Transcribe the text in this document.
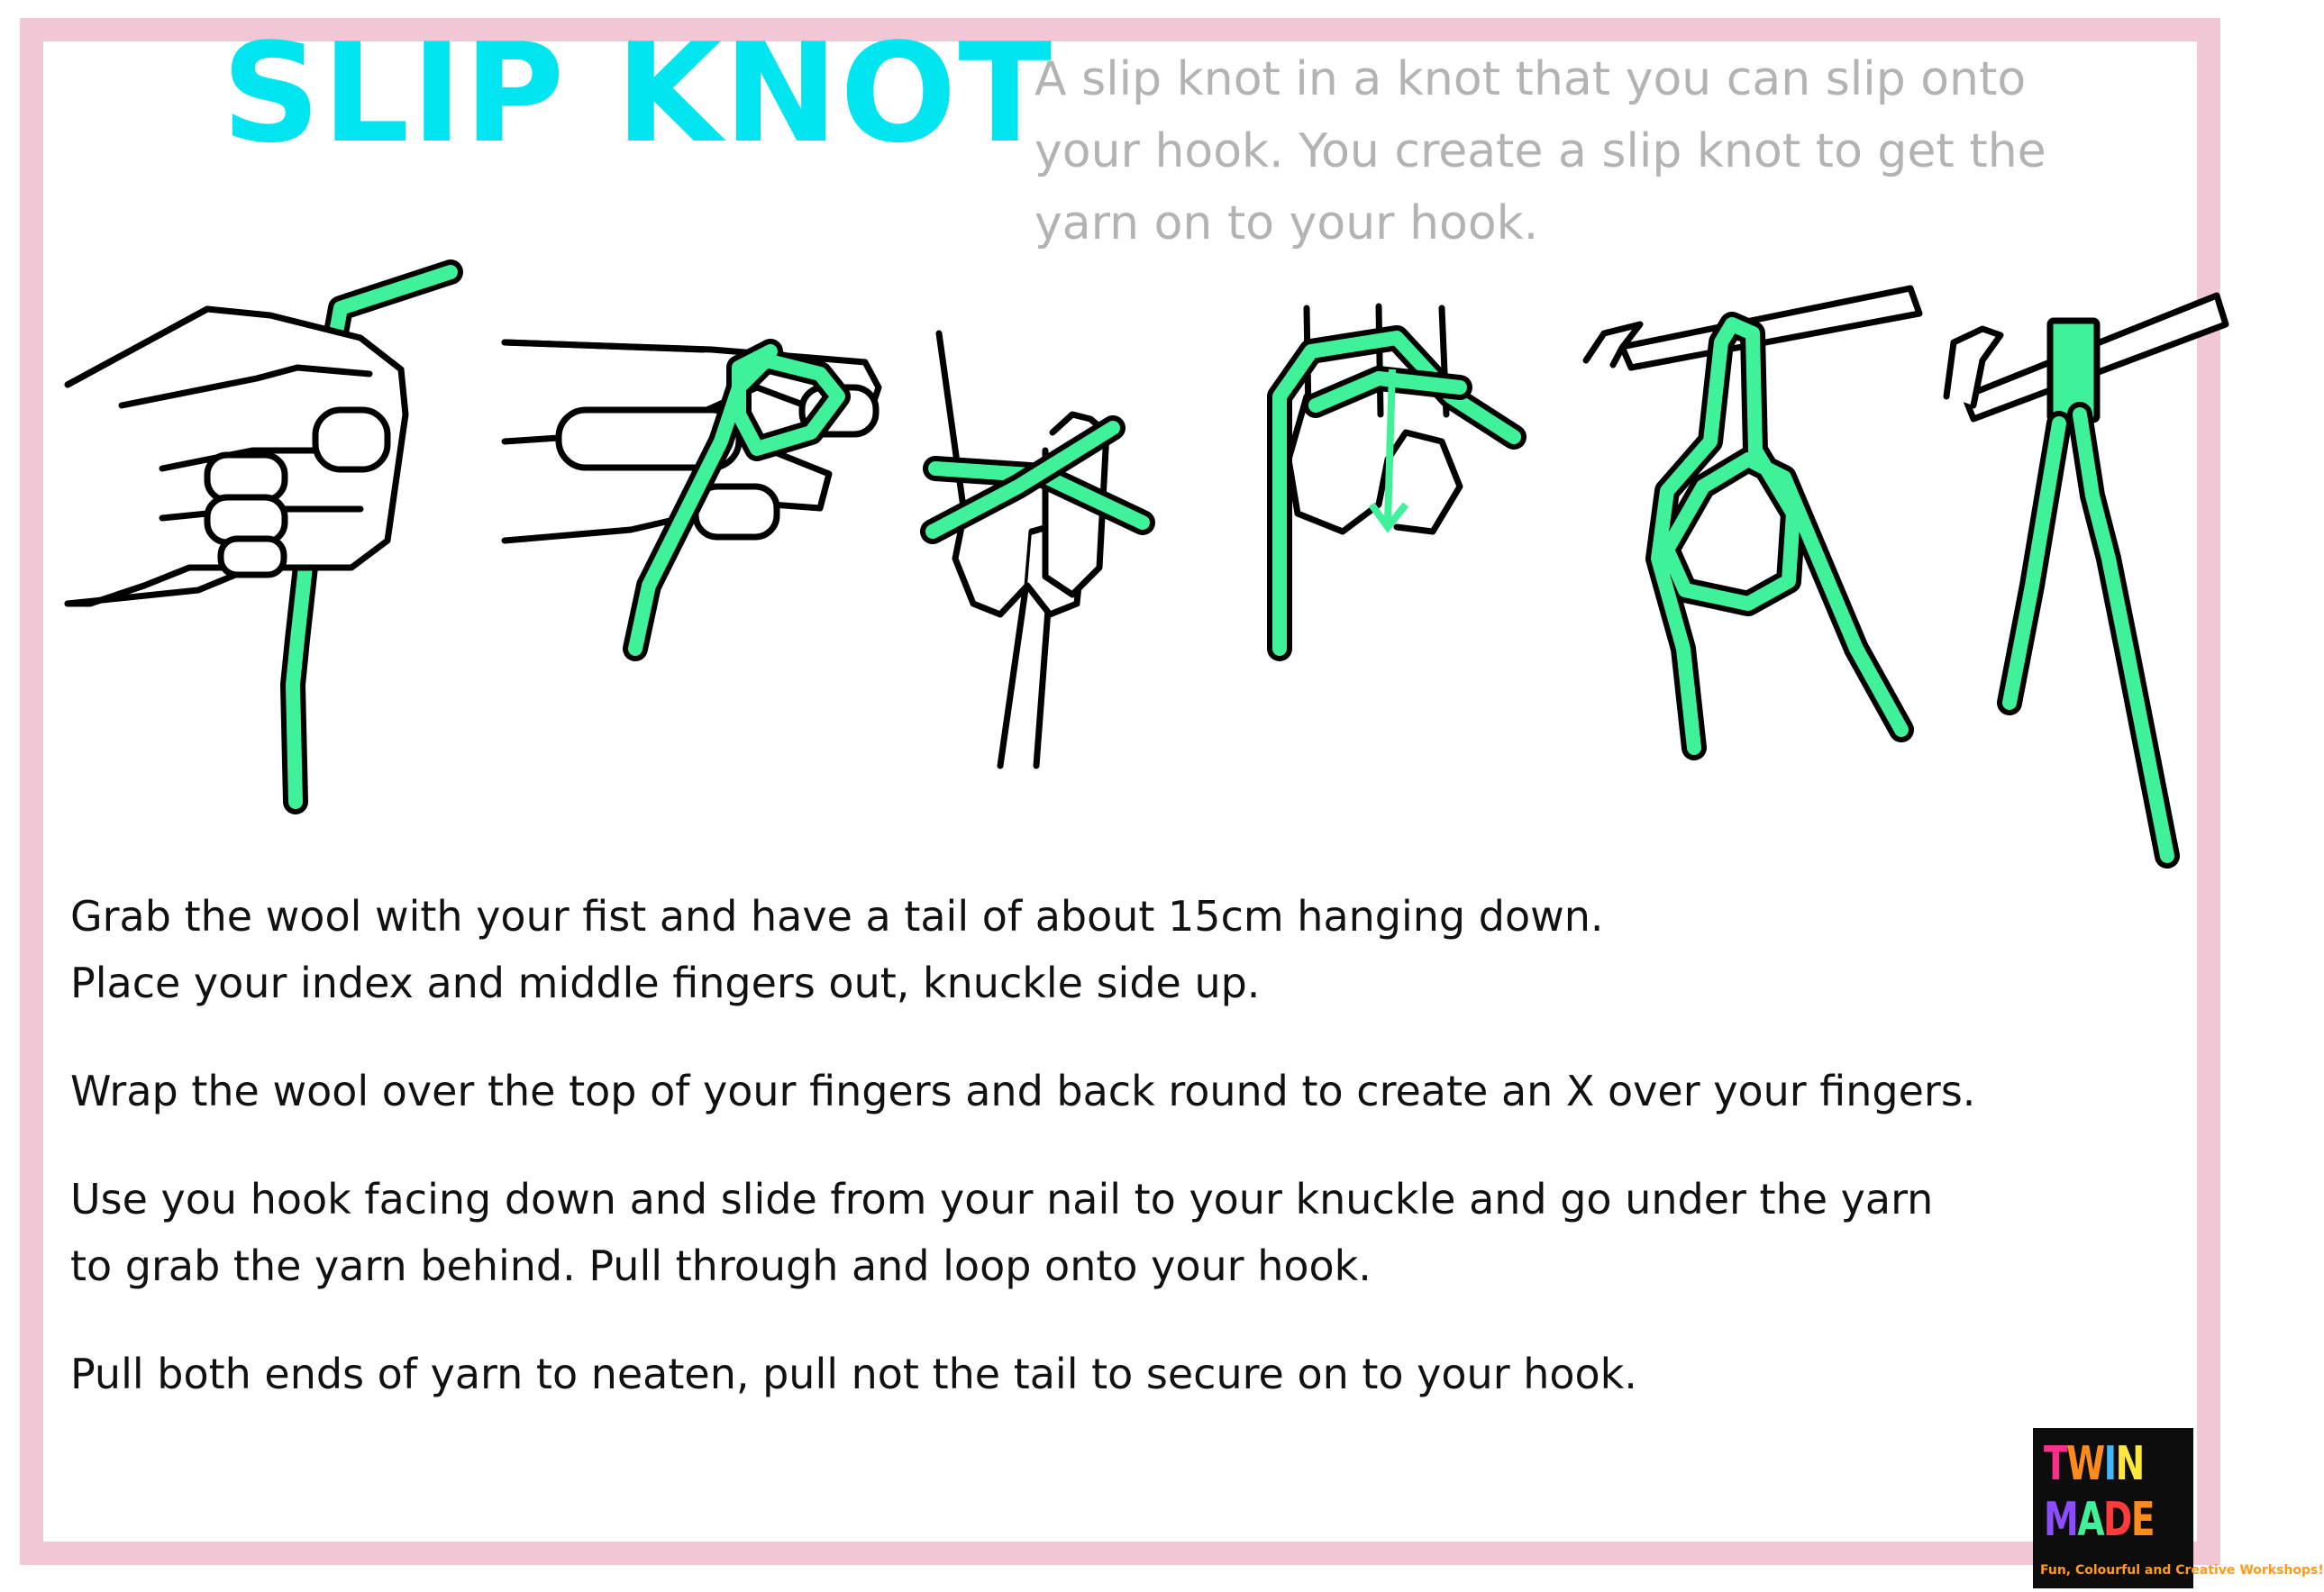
SLIP KNOT

A slip knot in a knot that you can slip onto your hook. You create a slip knot to get the yarn on to your hook.

Grab the wool with your fist and have a tail of about 15cm hanging down.
Place your index and middle fingers out, knuckle side up.

Wrap the wool over the top of your fingers and back round to create an X over your fingers.

Use you hook facing down and slide from your nail to your knuckle and go under the yarn
to grab the yarn behind. Pull through and loop onto your hook.

Pull both ends of yarn to neaten, pull not the tail to secure on to your hook.

TWIN
MADE
Fun, Colourful and Creative Workshops!
